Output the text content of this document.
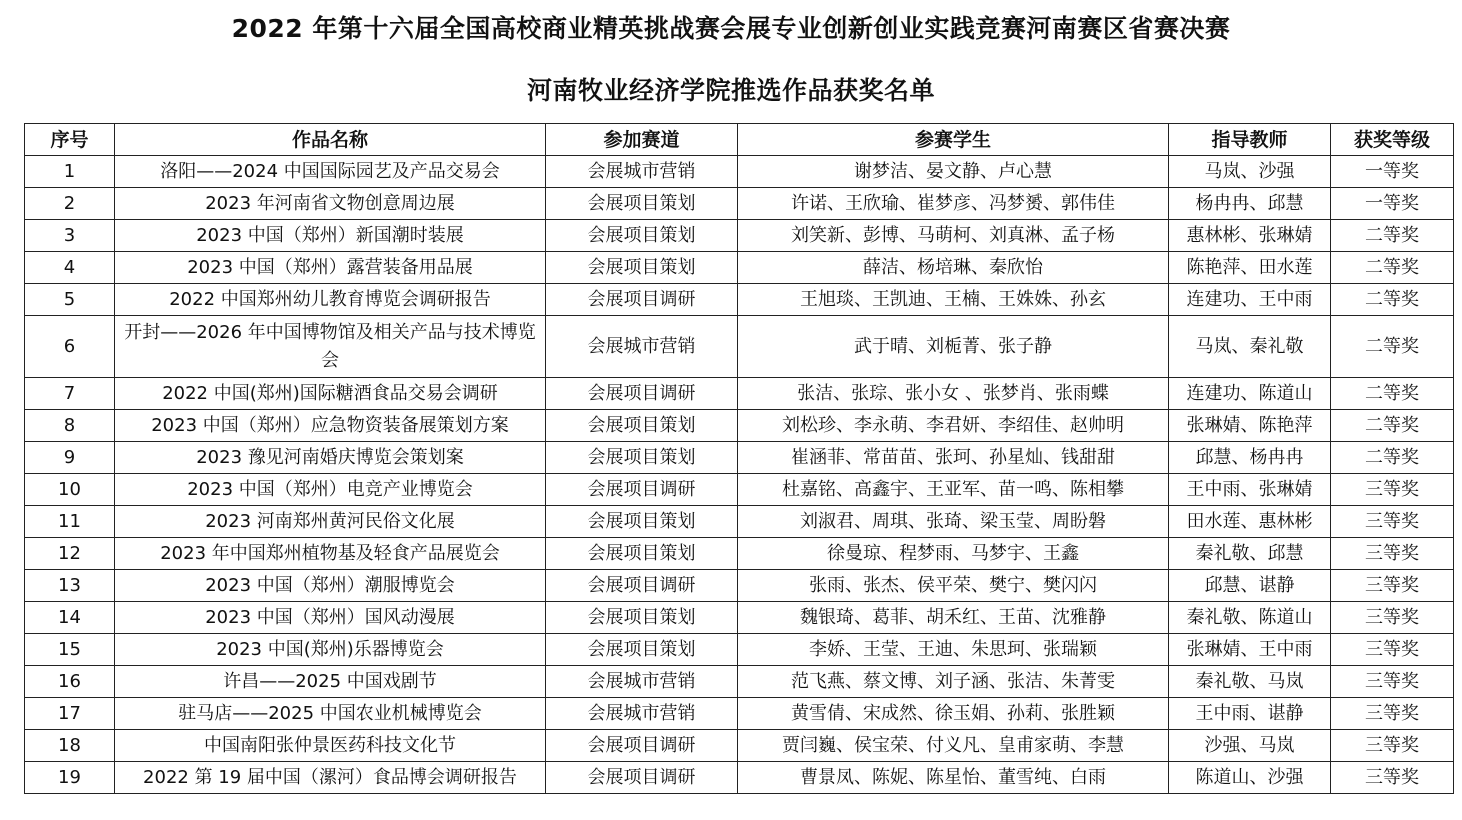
2022 年第十六届全国高校商业精英挑战赛会展专业创新创业实践竞赛河南赛区省赛决赛
河南牧业经济学院推选作品获奖名单
序号	作品名称	参加赛道	参赛学生	指导教师	获奖等级
1	洛阳——2024 中国国际园艺及产品交易会	会展城市营销	谢梦洁、晏文静、卢心慧	马岚、沙强	一等奖
2	2023 年河南省文物创意周边展	会展项目策划	许诺、王欣瑜、崔梦彦、冯梦赟、郭伟佳	杨冉冉、邱慧	一等奖
3	2023 中国（郑州）新国潮时装展	会展项目策划	刘笑新、彭博、马萌柯、刘真淋、孟子杨	惠林彬、张琳婧	二等奖
4	2023 中国（郑州）露营装备用品展	会展项目策划	薛洁、杨培琳、秦欣怡	陈艳萍、田水莲	二等奖
5	2022 中国郑州幼儿教育博览会调研报告	会展项目调研	王旭琰、王凯迪、王楠、王姝姝、孙玄	连建功、王中雨	二等奖
6	开封——2026 年中国博物馆及相关产品与技术博览会	会展城市营销	武于晴、刘栀菁、张子静	马岚、秦礼敬	二等奖
7	2022 中国(郑州)国际糖酒食品交易会调研	会展项目调研	张洁、张琮、张小女 、张梦肖、张雨蝶	连建功、陈道山	二等奖
8	2023 中国（郑州）应急物资装备展策划方案	会展项目策划	刘松珍、李永萌、李君妍、李绍佳、赵帅明	张琳婧、陈艳萍	二等奖
9	2023 豫见河南婚庆博览会策划案	会展项目策划	崔涵菲、常苗苗、张珂、孙星灿、钱甜甜	邱慧、杨冉冉	二等奖
10	2023 中国（郑州）电竞产业博览会	会展项目调研	杜嘉铭、高鑫宇、王亚军、苗一鸣、陈相攀	王中雨、张琳婧	三等奖
11	2023 河南郑州黄河民俗文化展	会展项目策划	刘淑君、周琪、张琦、梁玉莹、周盼磐	田水莲、惠林彬	三等奖
12	2023 年中国郑州植物基及轻食产品展览会	会展项目策划	徐曼琼、程梦雨、马梦宇、王鑫	秦礼敬、邱慧	三等奖
13	2023 中国（郑州）潮服博览会	会展项目调研	张雨、张杰、侯平荣、樊宁、樊闪闪	邱慧、谌静	三等奖
14	2023 中国（郑州）国风动漫展	会展项目策划	魏银琦、葛菲、胡禾红、王苗、沈雅静	秦礼敬、陈道山	三等奖
15	2023 中国(郑州)乐器博览会	会展项目策划	李娇、王莹、王迪、朱思珂、张瑞颖	张琳婧、王中雨	三等奖
16	许昌——2025 中国戏剧节	会展城市营销	范飞燕、蔡文博、刘子涵、张洁、朱菁雯	秦礼敬、马岚	三等奖
17	驻马店——2025 中国农业机械博览会	会展城市营销	黄雪倩、宋成然、徐玉娟、孙莉、张胜颖	王中雨、谌静	三等奖
18	中国南阳张仲景医药科技文化节	会展项目调研	贾闫巍、侯宝荣、付义凡、皇甫家萌、李慧	沙强、马岚	三等奖
19	2022 第 19 届中国（漯河）食品博会调研报告	会展项目调研	曹景凤、陈妮、陈星怡、董雪纯、白雨	陈道山、沙强	三等奖
